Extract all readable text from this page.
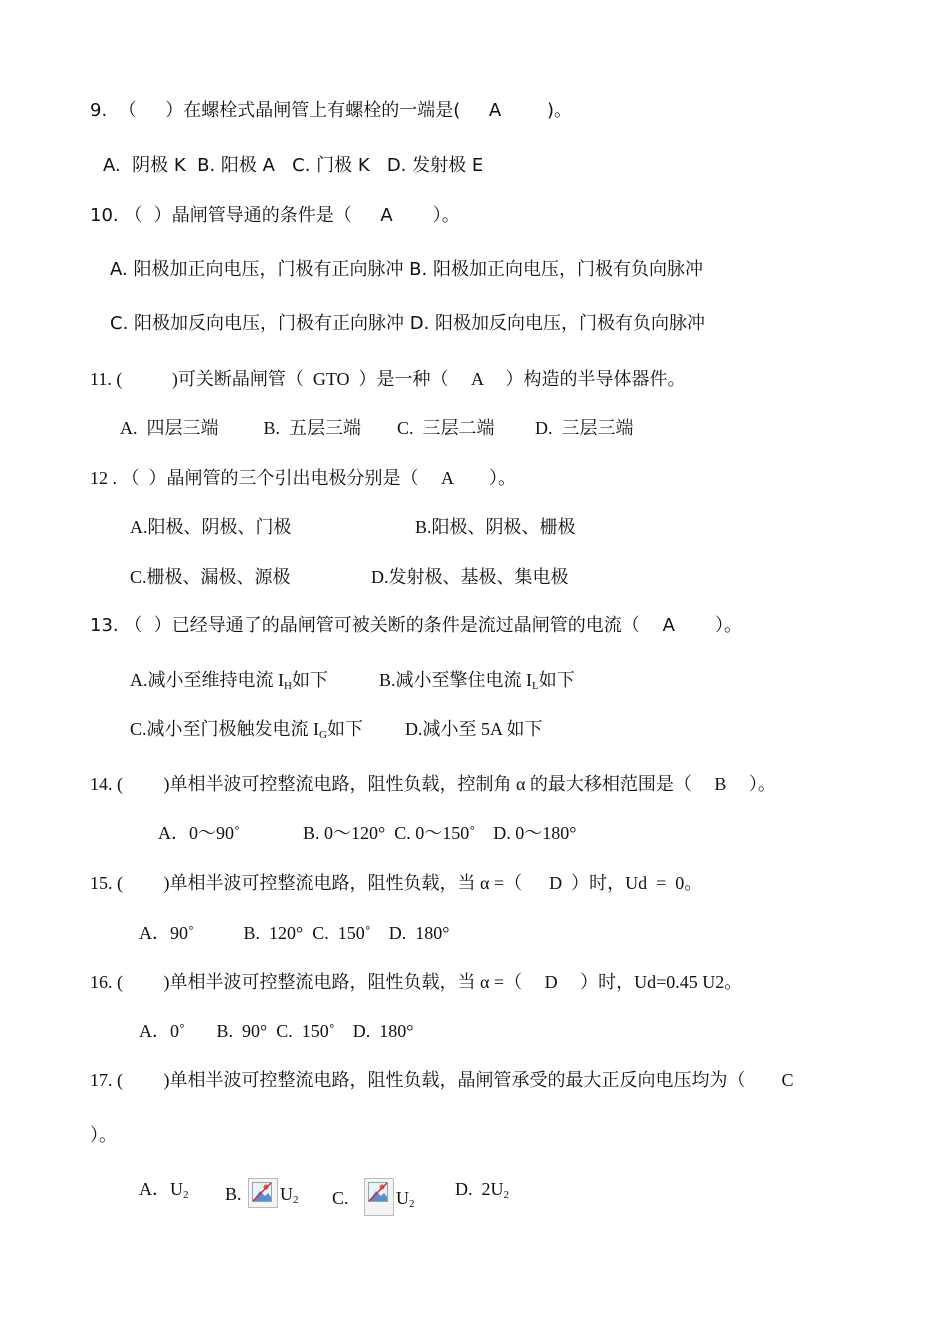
9.  （     ）在螺栓式晶闸管上有螺栓的一端是(     A        )。
A.  阴极 K  B. 阳极 A   C. 门极 K   D. 发射极 E
10. （  ）晶闸管导通的条件是（     A       ）。
A. 阳极加正向电压，门极有正向脉冲 B. 阳极加正向电压，门极有负向脉冲
C. 阳极加反向电压，门极有正向脉冲 D. 阳极加反向电压，门极有负向脉冲
11. (           )可关断晶闸管（  GTO  ）是一种（     A     ）构造的半导体器件。
A.  四层三端          B.  五层三端        C.  三层二端         D.  三层三端
12 . （  ）晶闸管的三个引出电极分别是（     A        ）。
A.阳极、阴极、门极	B.阳极、阴极、栅极
C.栅极、漏极、源极	D.发射极、基极、集电极
13. （  ）已经导通了的晶闸管可被关断的条件是流过晶闸管的电流（    A       ）。
A.减小至维持电流 $I_H$如下	B.减小至擎住电流 $I_L$如下
C.减小至门极触发电流 $I_G$如下 D.减小至 5A 如下
14. (         )单相半波可控整流电路，阻性负载，控制角 α 的最大移相范围是（     B     ）。
A．0～90˚              B. 0～120°  C. 0～150˚    D. 0～180°
15. (         )单相半波可控整流电路，阻性负载，当 α =（      D  ）时，Ud  =  0。
A．90˚           B.  120°  C.  150˚    D.  180°
16. (         )单相半波可控整流电路，阻性负载，当 α =（     D     ）时，Ud=0.45 U2。
A．0˚       B.  90°  C.  150˚    D.  180°
17. (         )单相半波可控整流电路，阻性负载，晶闸管承受的最大正反向电压均为（        C
）。
A．$U_2$ B. $U_2$ C.	$U_2$
D.  $2U_2$
